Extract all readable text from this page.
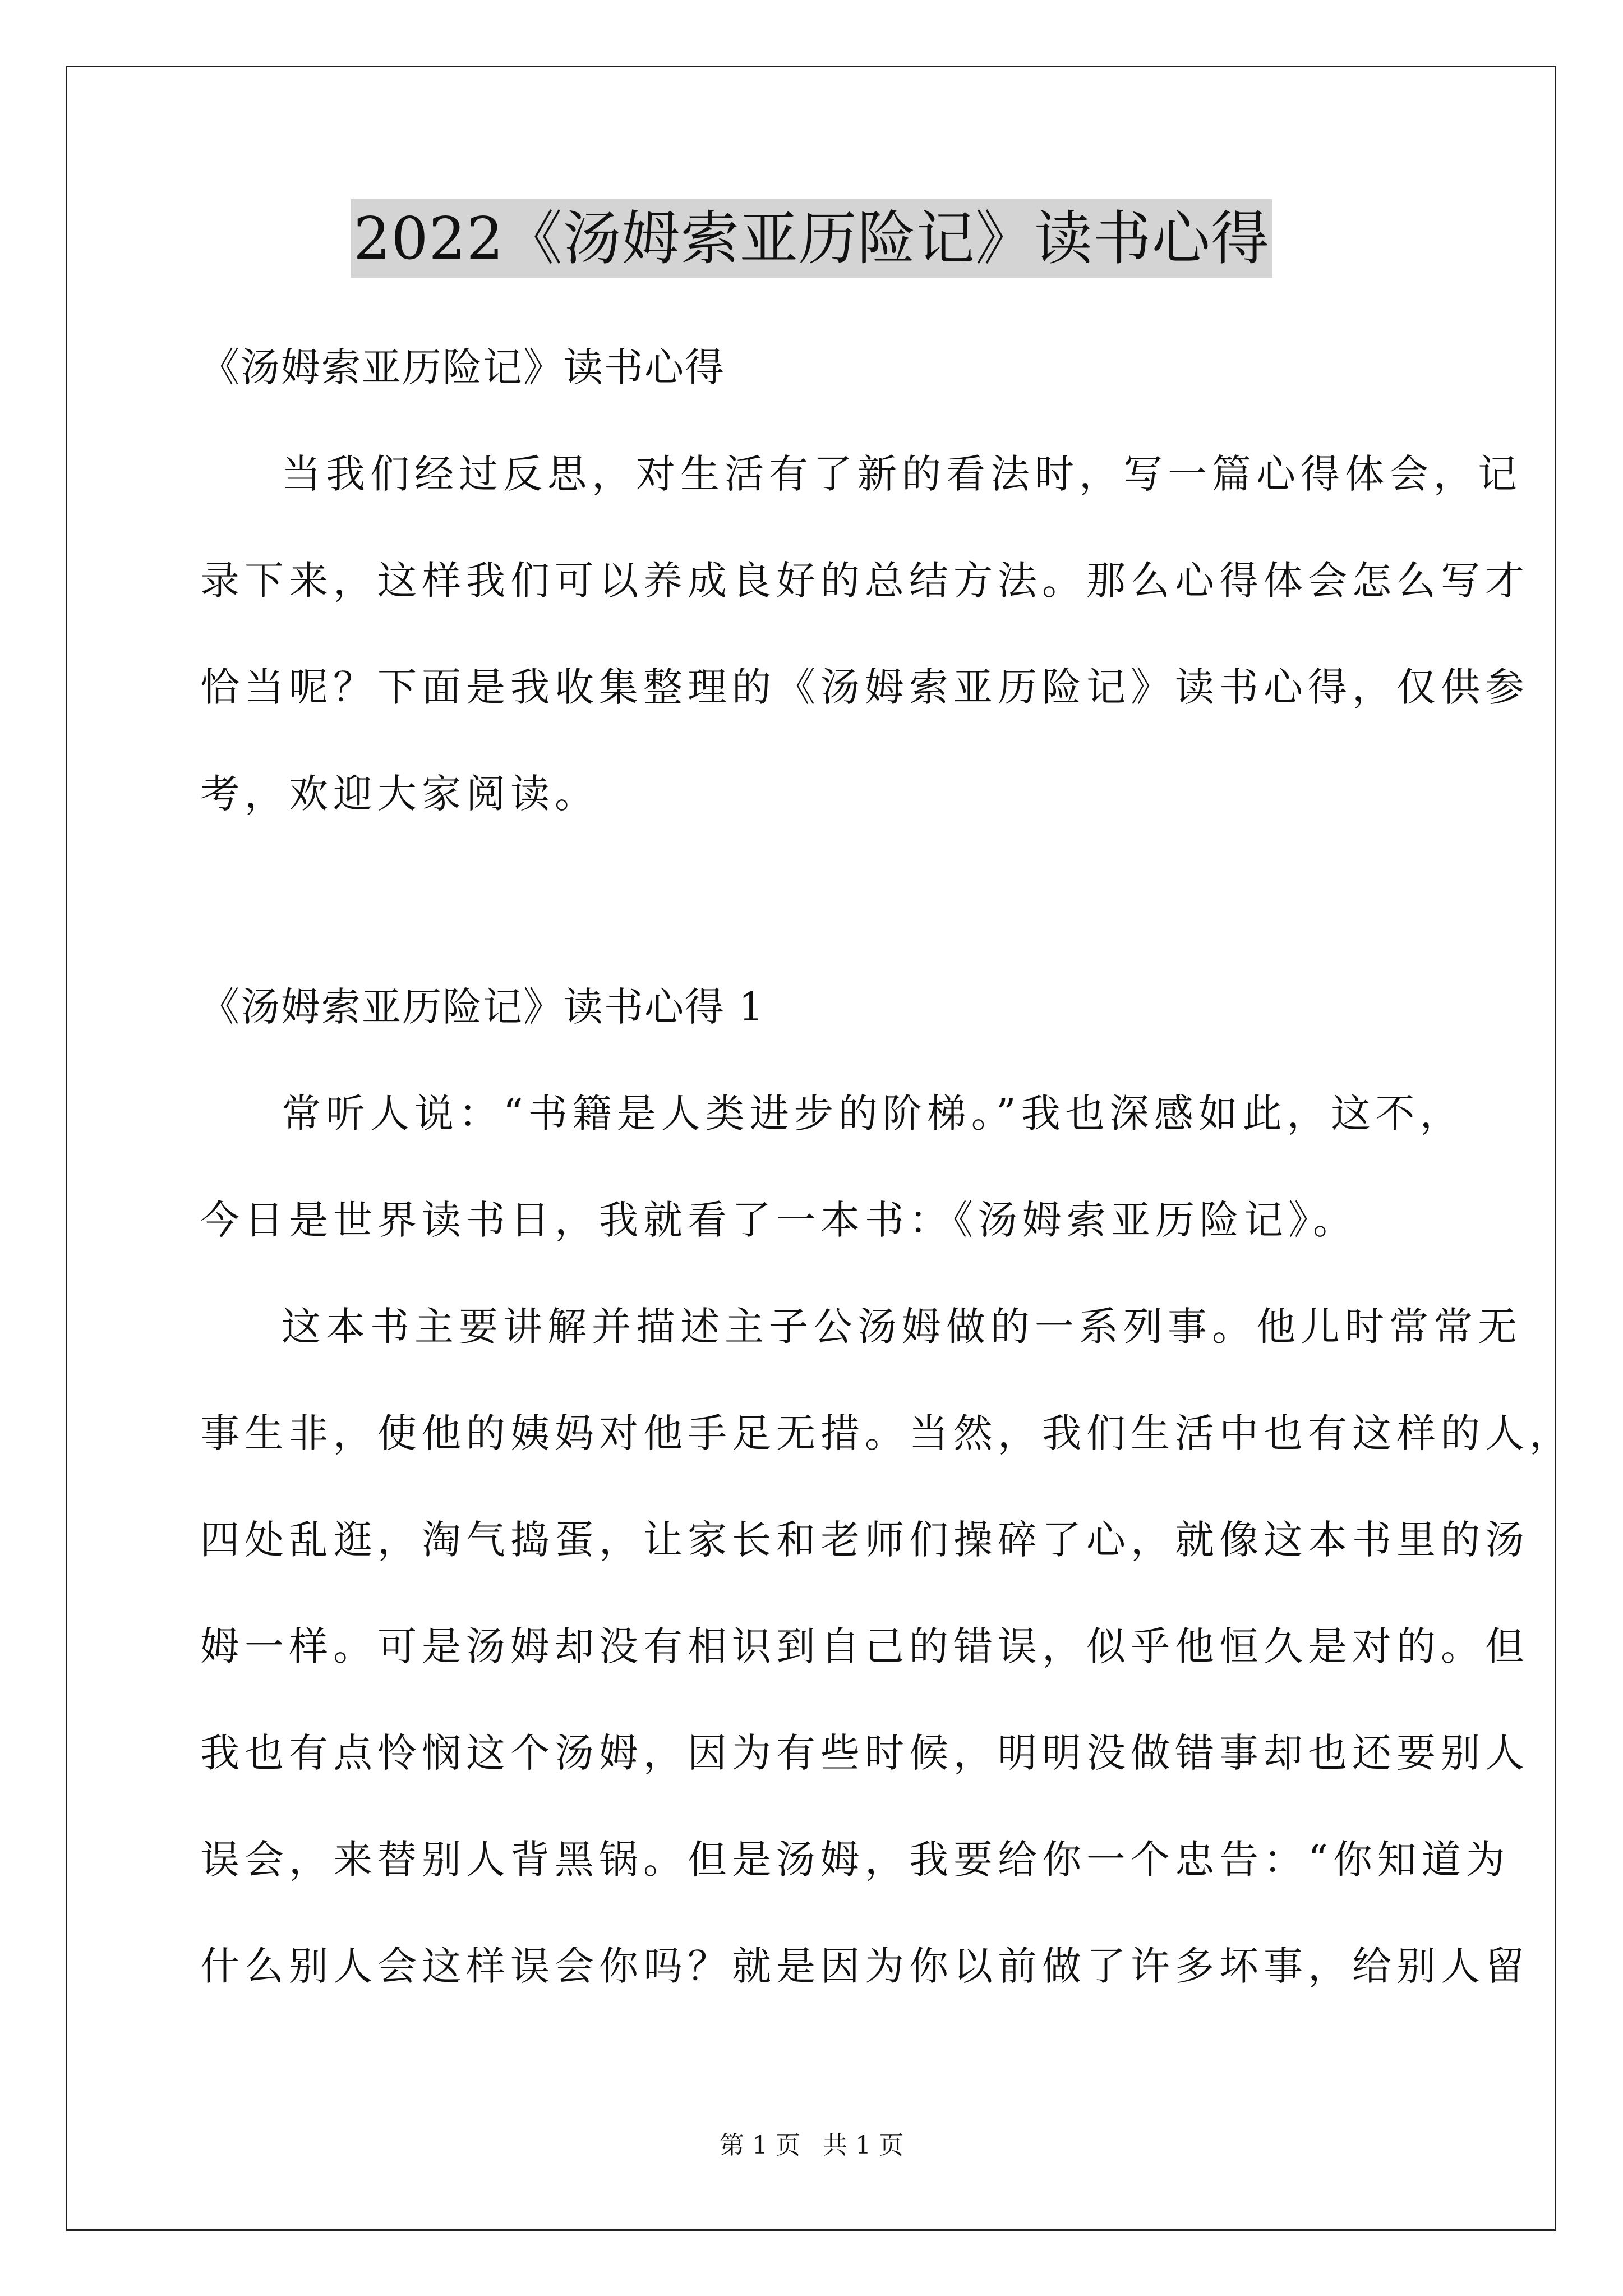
2022《汤姆索亚历险记》读书心得
《汤姆索亚历险记》读书心得
当我们经过反思，对生活有了新的看法时，写一篇心得体会，记
录下来，这样我们可以养成良好的总结方法。那么心得体会怎么写才
恰当呢？下面是我收集整理的《汤姆索亚历险记》读书心得，仅供参
考，欢迎大家阅读。
《汤姆索亚历险记》读书心得 1
常听人说：“书籍是人类进步的阶梯。”我也深感如此，这不，
今日是世界读书日，我就看了一本书：《汤姆索亚历险记》。
这本书主要讲解并描述主子公汤姆做的一系列事。他儿时常常无
事生非，使他的姨妈对他手足无措。当然，我们生活中也有这样的人，
四处乱逛，淘气捣蛋，让家长和老师们操碎了心，就像这本书里的汤
姆一样。可是汤姆却没有相识到自己的错误，似乎他恒久是对的。但
我也有点怜悯这个汤姆，因为有些时候，明明没做错事却也还要别人
误会，来替别人背黑锅。但是汤姆，我要给你一个忠告：“你知道为
什么别人会这样误会你吗？就是因为你以前做了许多坏事，给别人留
第 1 页 共 1 页
